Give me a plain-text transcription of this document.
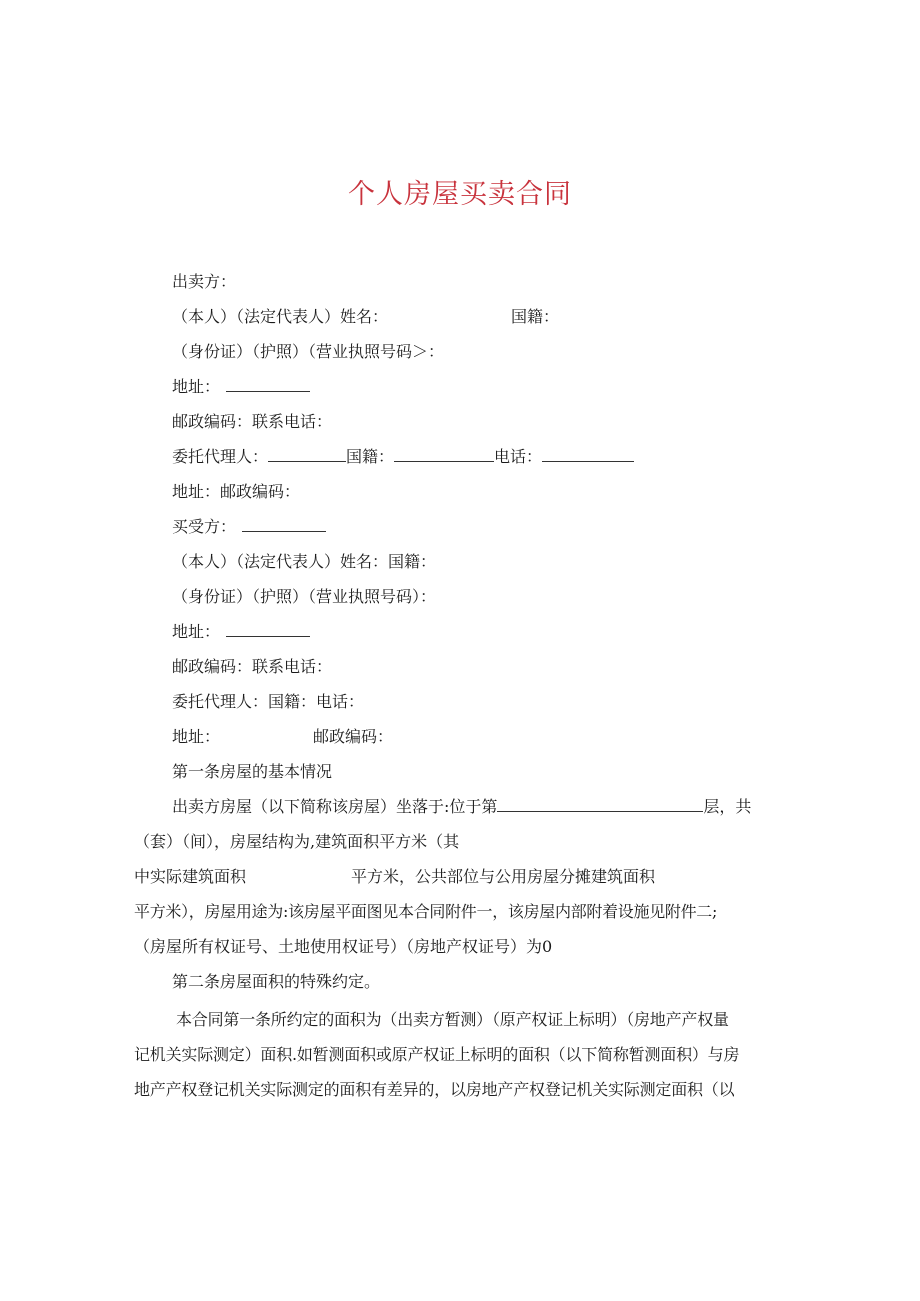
个人房屋买卖合同
出卖方：
（本人）（法定代表人）姓名：	国籍：
（身份证）（护照）（营业执照号码＞：
地址：
邮政编码：联系电话：
委托代理人：	国籍：	电话：
地址：邮政编码：
买受方：
（本人）（法定代表人）姓名：国籍：
（身份证）（护照）（营业执照号码）：
地址：
邮政编码：联系电话：
委托代理人：国籍：电话：
地址：	邮政编码：
第一条房屋的基本情况
出卖方房屋（以下简称该房屋）坐落于:位于第	层，共
（套）（间），房屋结构为,建筑面积平方米（其
中实际建筑面积	平方米，公共部位与公用房屋分摊建筑面积
平方米），房屋用途为:该房屋平面图见本合同附件一，该房屋内部附着设施见附件二;
（房屋所有权证号、土地使用权证号）（房地产权证号）为0
第二条房屋面积的特殊约定。
本合同第一条所约定的面积为（出卖方暂测）（原产权证上标明）（房地产产权量
记机关实际测定）面积.如暂测面积或原产权证上标明的面积（以下简称暂测面积）与房
地产产权登记机关实际测定的面积有差异的，以房地产产权登记机关实际测定面积（以
